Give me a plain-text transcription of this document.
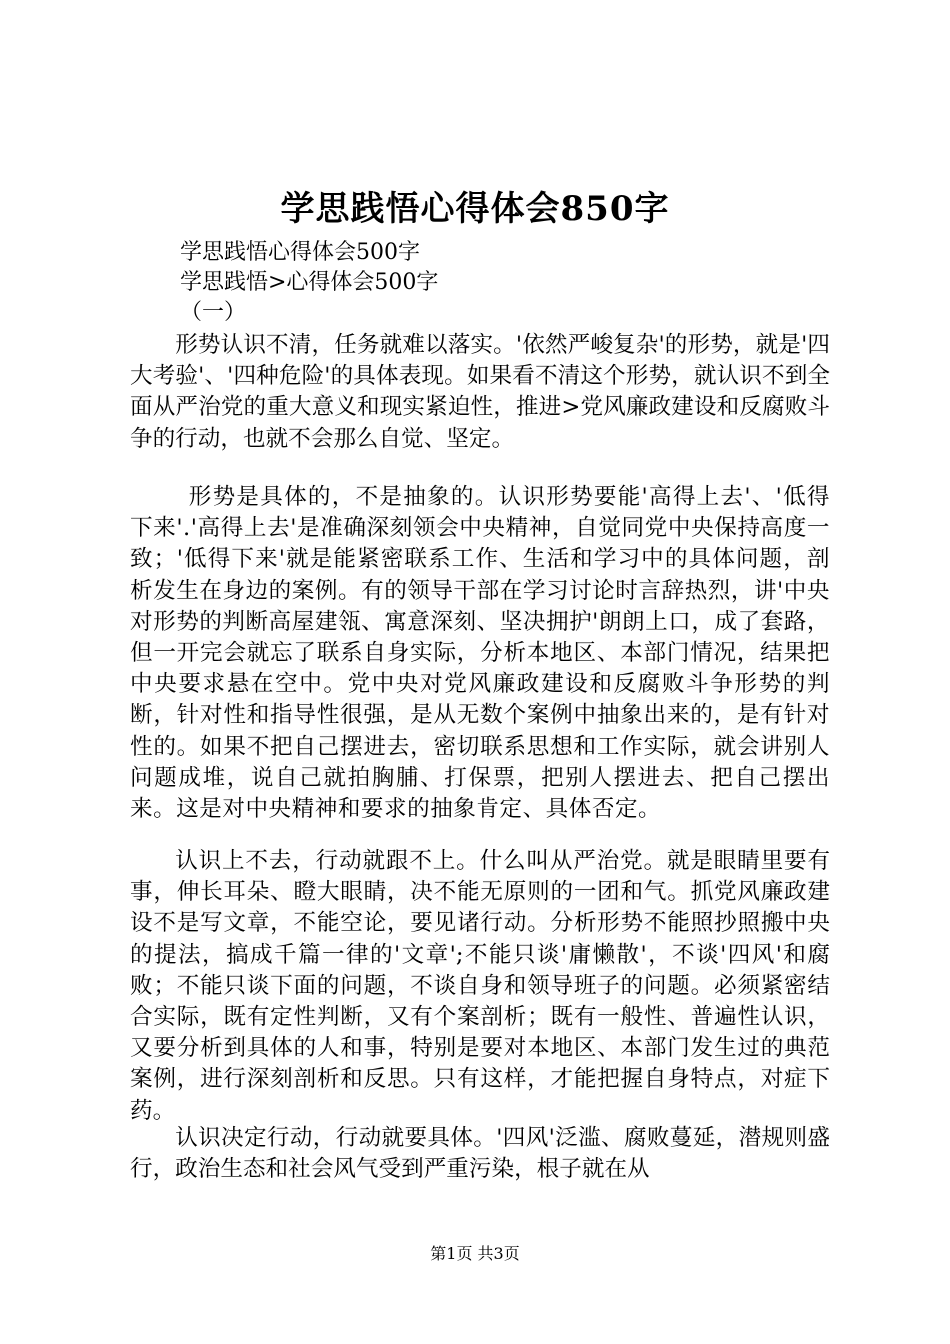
学思践悟心得体会850字
学思践悟心得体会500字
学思践悟>心得体会500字
（一）

形势认识不清，任务就难以落实。'依然严峻复杂'的形势，就是'四大考验'、'四种危险'的具体表现。如果看不清这个形势，就认识不到全面从严治党的重大意义和现实紧迫性，推进>党风廉政建设和反腐败斗争的行动，也就不会那么自觉、坚定。

形势是具体的，不是抽象的。认识形势要能'高得上去'、'低得下来'.'高得上去'是准确深刻领会中央精神，自觉同党中央保持高度一致；'低得下来'就是能紧密联系工作、生活和学习中的具体问题，剖析发生在身边的案例。有的领导干部在学习讨论时言辞热烈，讲'中央对形势的判断高屋建瓴、寓意深刻、坚决拥护'朗朗上口，成了套路，但一开完会就忘了联系自身实际，分析本地区、本部门情况，结果把中央要求悬在空中。党中央对党风廉政建设和反腐败斗争形势的判断，针对性和指导性很强，是从无数个案例中抽象出来的，是有针对性的。如果不把自己摆进去，密切联系思想和工作实际，就会讲别人问题成堆，说自己就拍胸脯、打保票，把别人摆进去、把自己摆出来。这是对中央精神和要求的抽象肯定、具体否定。

认识上不去，行动就跟不上。什么叫从严治党。就是眼睛里要有事，伸长耳朵、瞪大眼睛，决不能无原则的一团和气。抓党风廉政建设不是写文章，不能空论，要见诸行动。分析形势不能照抄照搬中央的提法，搞成千篇一律的'文章';不能只谈'庸懒散'，不谈'四风'和腐败；不能只谈下面的问题，不谈自身和领导班子的问题。必须紧密结合实际，既有定性判断，又有个案剖析；既有一般性、普遍性认识，又要分析到具体的人和事，特别是要对本地区、本部门发生过的典范案例，进行深刻剖析和反思。只有这样，才能把握自身特点，对症下药。

认识决定行动，行动就要具体。'四风'泛滥、腐败蔓延，潜规则盛行，政治生态和社会风气受到严重污染，根子就在从

第1页 共3页
